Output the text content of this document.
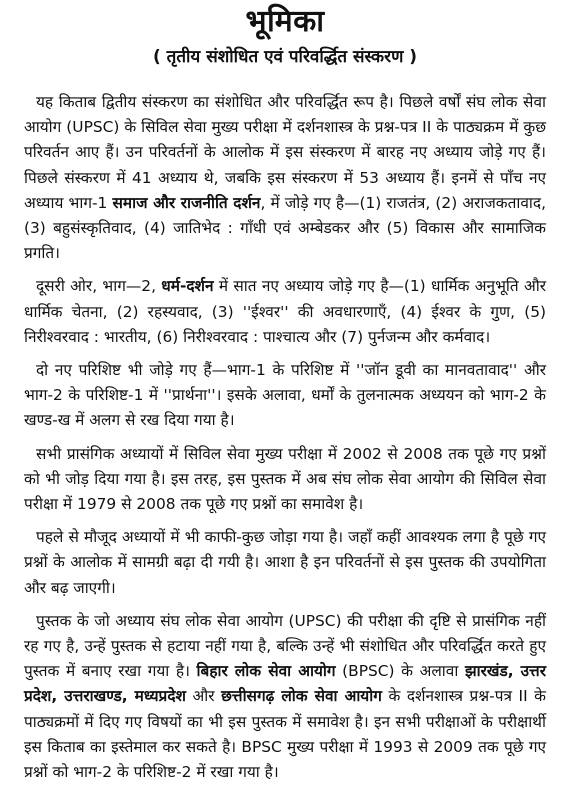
भूमिका
( तृतीय संशोधित एवं परिवर्द्धित संस्करण )

यह किताब द्वितीय संस्करण का संशोधित और परिवर्द्धित रूप है। पिछले वर्षों संघ लोक सेवा आयोग (UPSC) के सिविल सेवा मुख्य परीक्षा में दर्शनशास्त्र के प्रश्न-पत्र II के पाठ्यक्रम में कुछ परिवर्तन आए हैं। उन परिवर्तनों के आलोक में इस संस्करण में बारह नए अध्याय जोड़े गए हैं। पिछले संस्करण में 41 अध्याय थे, जबकि इस संस्करण में 53 अध्याय हैं। इनमें से पाँच नए अध्याय भाग-1 समाज और राजनीति दर्शन, में जोड़े गए है—(1) राजतंत्र, (2) अराजकतावाद, (3) बहुसंस्कृतिवाद, (4) जातिभेद : गाँधी एवं अम्बेडकर और (5) विकास और सामाजिक प्रगति।

दूसरी ओर, भाग—2, धर्म-दर्शन में सात नए अध्याय जोड़े गए है—(1) धार्मिक अनुभूति और धार्मिक चेतना, (2) रहस्यवाद, (3) ''ईश्वर'' की अवधारणाएँ, (4) ईश्वर के गुण, (5) निरीश्वरवाद : भारतीय, (6) निरीश्वरवाद : पाश्चात्य और (7) पुर्नजन्म और कर्मवाद।

दो नए परिशिष्ट भी जोड़े गए हैं—भाग-1 के परिशिष्ट में ''जॉन डूवी का मानवतावाद'' और भाग-2 के परिशिष्ट-1 में ''प्रार्थना''। इसके अलावा, धर्मों के तुलनात्मक अध्ययन को भाग-2 के खण्ड-ख में अलग से रख दिया गया है।

सभी प्रासंगिक अध्यायों में सिविल सेवा मुख्य परीक्षा में 2002 से 2008 तक पूछे गए प्रश्नों को भी जोड़ दिया गया है। इस तरह, इस पुस्तक में अब संघ लोक सेवा आयोग की सिविल सेवा परीक्षा में 1979 से 2008 तक पूछे गए प्रश्नों का समावेश है।

पहले से मौजूद अध्यायों में भी काफी-कुछ जोड़ा गया है। जहाँ कहीं आवश्यक लगा है पूछे गए प्रश्नों के आलोक में सामग्री बढ़ा दी गयी है। आशा है इन परिवर्तनों से इस पुस्तक की उपयोगिता और बढ़ जाएगी।

पुस्तक के जो अध्याय संघ लोक सेवा आयोग (UPSC) की परीक्षा की दृष्टि से प्रासंगिक नहीं रह गए है, उन्हें पुस्तक से हटाया नहीं गया है, बल्कि उन्हें भी संशोधित और परिवर्द्धित करते हुए पुस्तक में बनाए रखा गया है। बिहार लोक सेवा आयोग (BPSC) के अलावा झारखंड, उत्तर प्रदेश, उत्तराखण्ड, मध्यप्रदेश और छत्तीसगढ़ लोक सेवा आयोग के दर्शनशास्त्र प्रश्न-पत्र II के पाठ्यक्रमों में दिए गए विषयों का भी इस पुस्तक में समावेश है। इन सभी परीक्षाओं के परीक्षार्थी इस किताब का इस्तेमाल कर सकते है। BPSC मुख्य परीक्षा में 1993 से 2009 तक पूछे गए प्रश्नों को भाग-2 के परिशिष्ट-2 में रखा गया है।
